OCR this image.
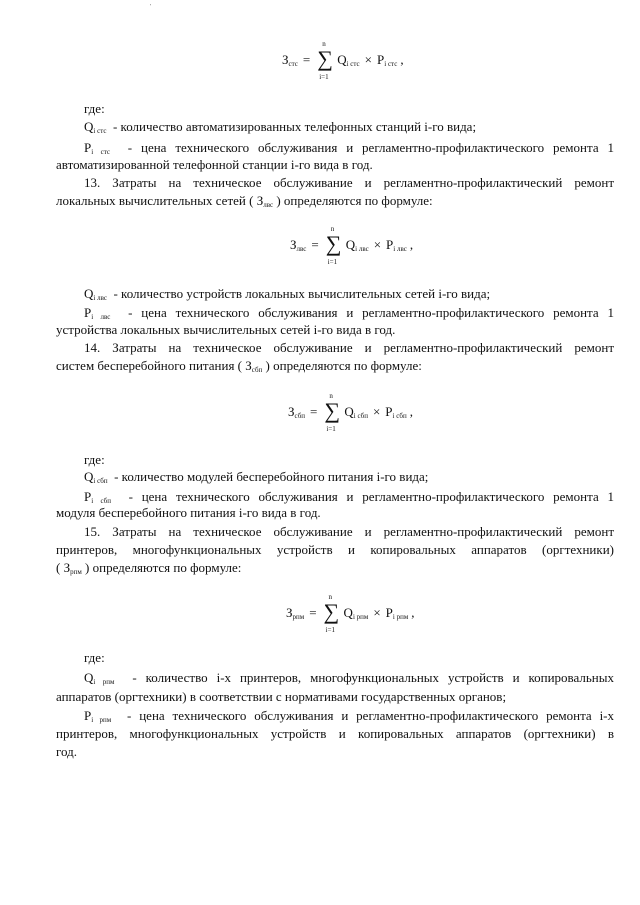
'
$З_{стс}$ =
n
∑
i=1
$Q_{i стс} \times P_{i стс}$ ,
где:
$Q_{i стс}$ - количество автоматизированных телефонных станций i-го вида;
$P_{i стс}$ - цена технического обслуживания и регламентно-профилактического ремонта 1
автоматизированной телефонной станции i-го вида в год.
13. Затраты на техническое обслуживание и регламентно-профилактический ремонт
локальных вычислительных сетей ( $З_{лвс}$ ) определяются по формуле:
$З_{лвс}$ =
n
∑
i=1
$Q_{i лвс} \times P_{i лвс}$ ,
$Q_{i лвс}$ - количество устройств локальных вычислительных сетей i-го вида;
$P_{i лвс}$ - цена технического обслуживания и регламентно-профилактического ремонта 1
устройства локальных вычислительных сетей i-го вида в год.
14. Затраты на техническое обслуживание и регламентно-профилактический ремонт
систем бесперебойного питания ( $З_{сбп}$ ) определяются по формуле:
$З_{сбп}$ =
n
∑
i=1
$Q_{i сбп} \times P_{i сбп}$ ,
где:
$Q_{i сбп}$ - количество модулей бесперебойного питания i-го вида;
$P_{i сбп}$ - цена технического обслуживания и регламентно-профилактического ремонта 1
модуля бесперебойного питания i-го вида в год.
15. Затраты на техническое обслуживание и регламентно-профилактический ремонт
принтеров, многофункциональных устройств и копировальных аппаратов (оргтехники)
( $З_{рпм}$ ) определяются по формуле:
$З_{рпм}$ =
n
∑
i=1
$Q_{i рпм} \times P_{i рпм}$ ,
где:
$Q_{i рпм}$ - количество i-х принтеров, многофункциональных устройств и копировальных
аппаратов (оргтехники) в соответствии с нормативами государственных органов;
$P_{i рпм}$ - цена технического обслуживания и регламентно-профилактического ремонта i-х
принтеров, многофункциональных устройств и копировальных аппаратов (оргтехники) в
год.
